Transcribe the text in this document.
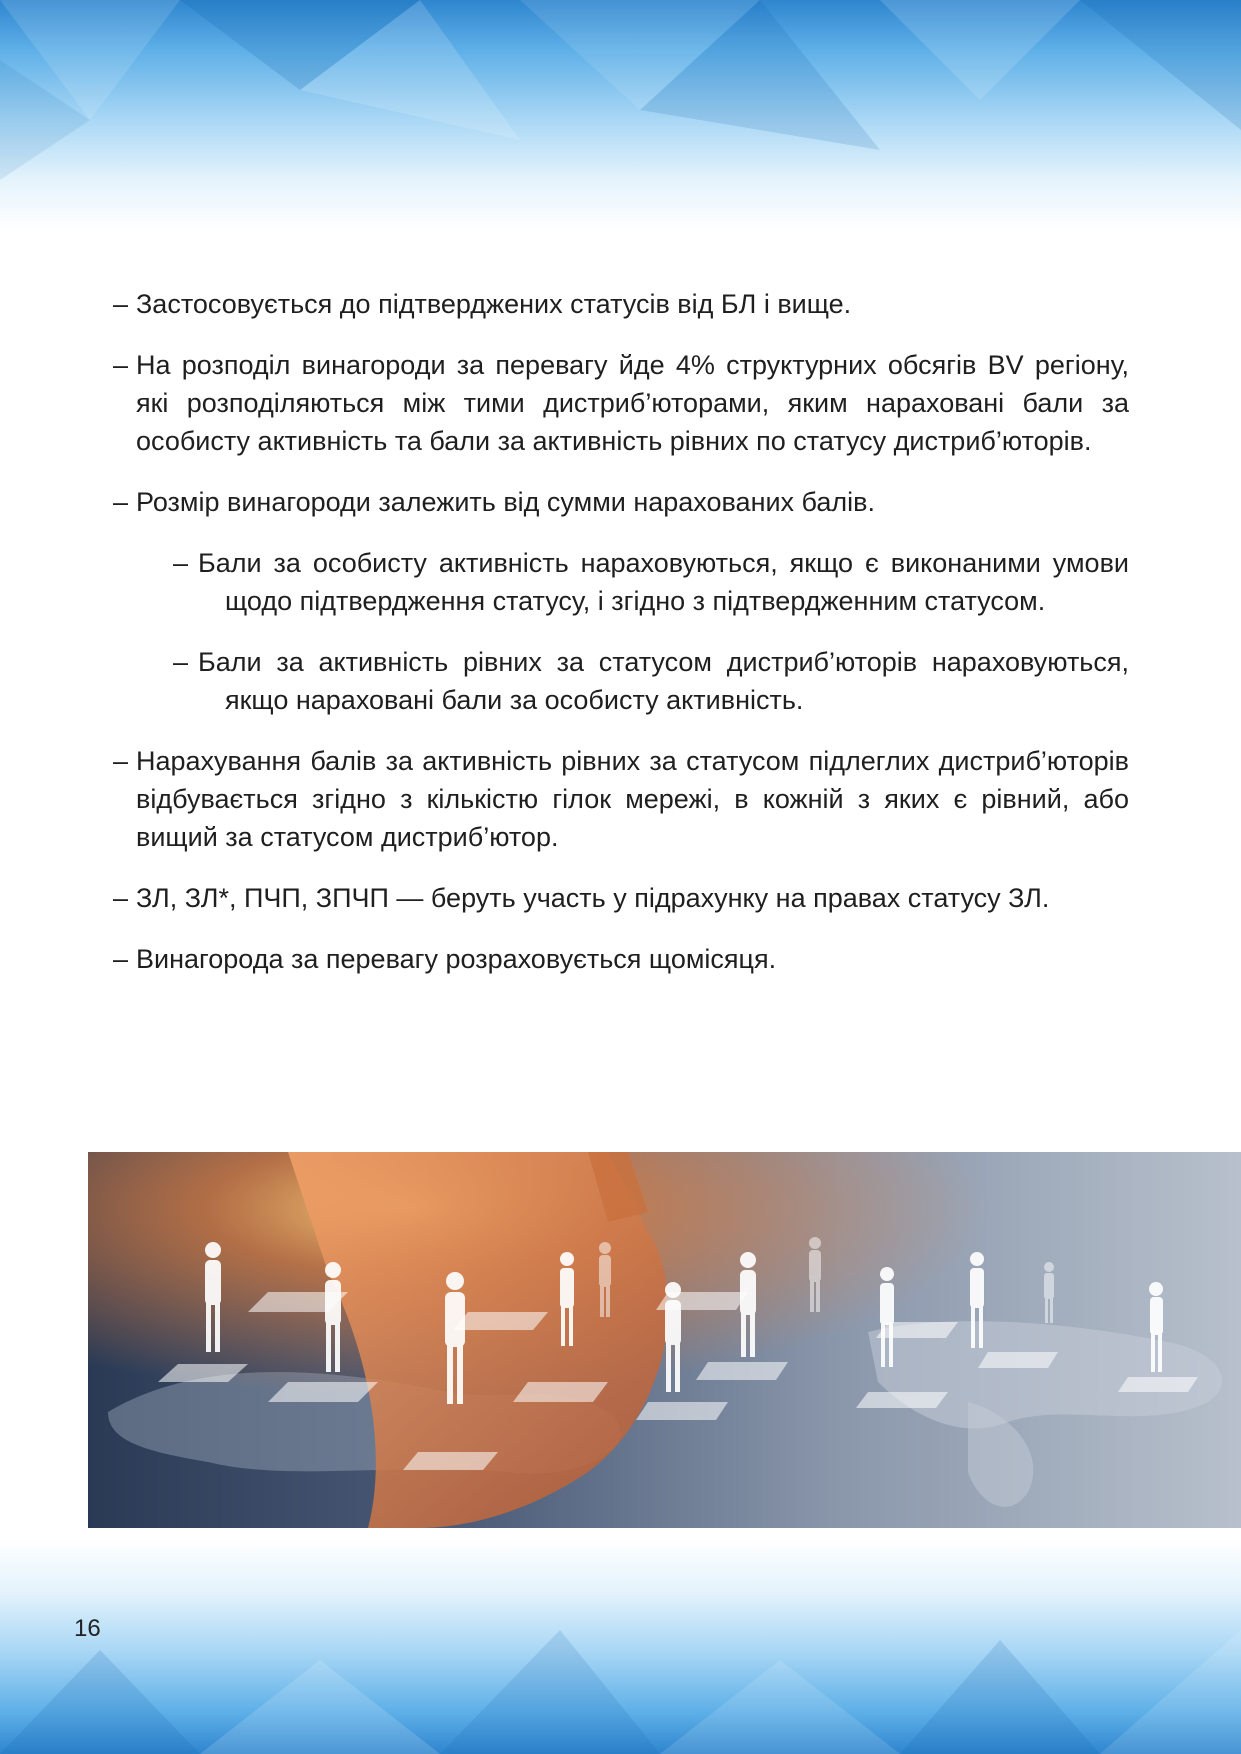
– Застосовується до підтверджених статусів від БЛ і вище.

– На розподіл винагороди за перевагу йде 4% структурних обсягів BV регіону, які розподіляються між тими дистриб’юторами, яким нараховані бали за особисту активність та бали за активність рівних по статусу дистриб’юторів.

– Розмір винагороди залежить від сумми нарахованих балів.

– Бали за особисту активність нараховуються, якщо є виконаними умови щодо підтвердження статусу, і згідно з підтвердженним статусом.

– Бали за активність рівних за статусом дистриб’юторів нараховуються, якщо нараховані бали за особисту активність.

– Нарахування балів за активність рівних за статусом підлеглих дистриб’юторів відбувається згідно з кількістю гілок мережі, в кожній з яких є рівний, або вищий за статусом дистриб’ютор.

– ЗЛ, ЗЛ*, ПЧП, ЗПЧП — беруть участь у підрахунку на правах статусу ЗЛ.

– Винагорода за перевагу розраховується щомісяця.

16
